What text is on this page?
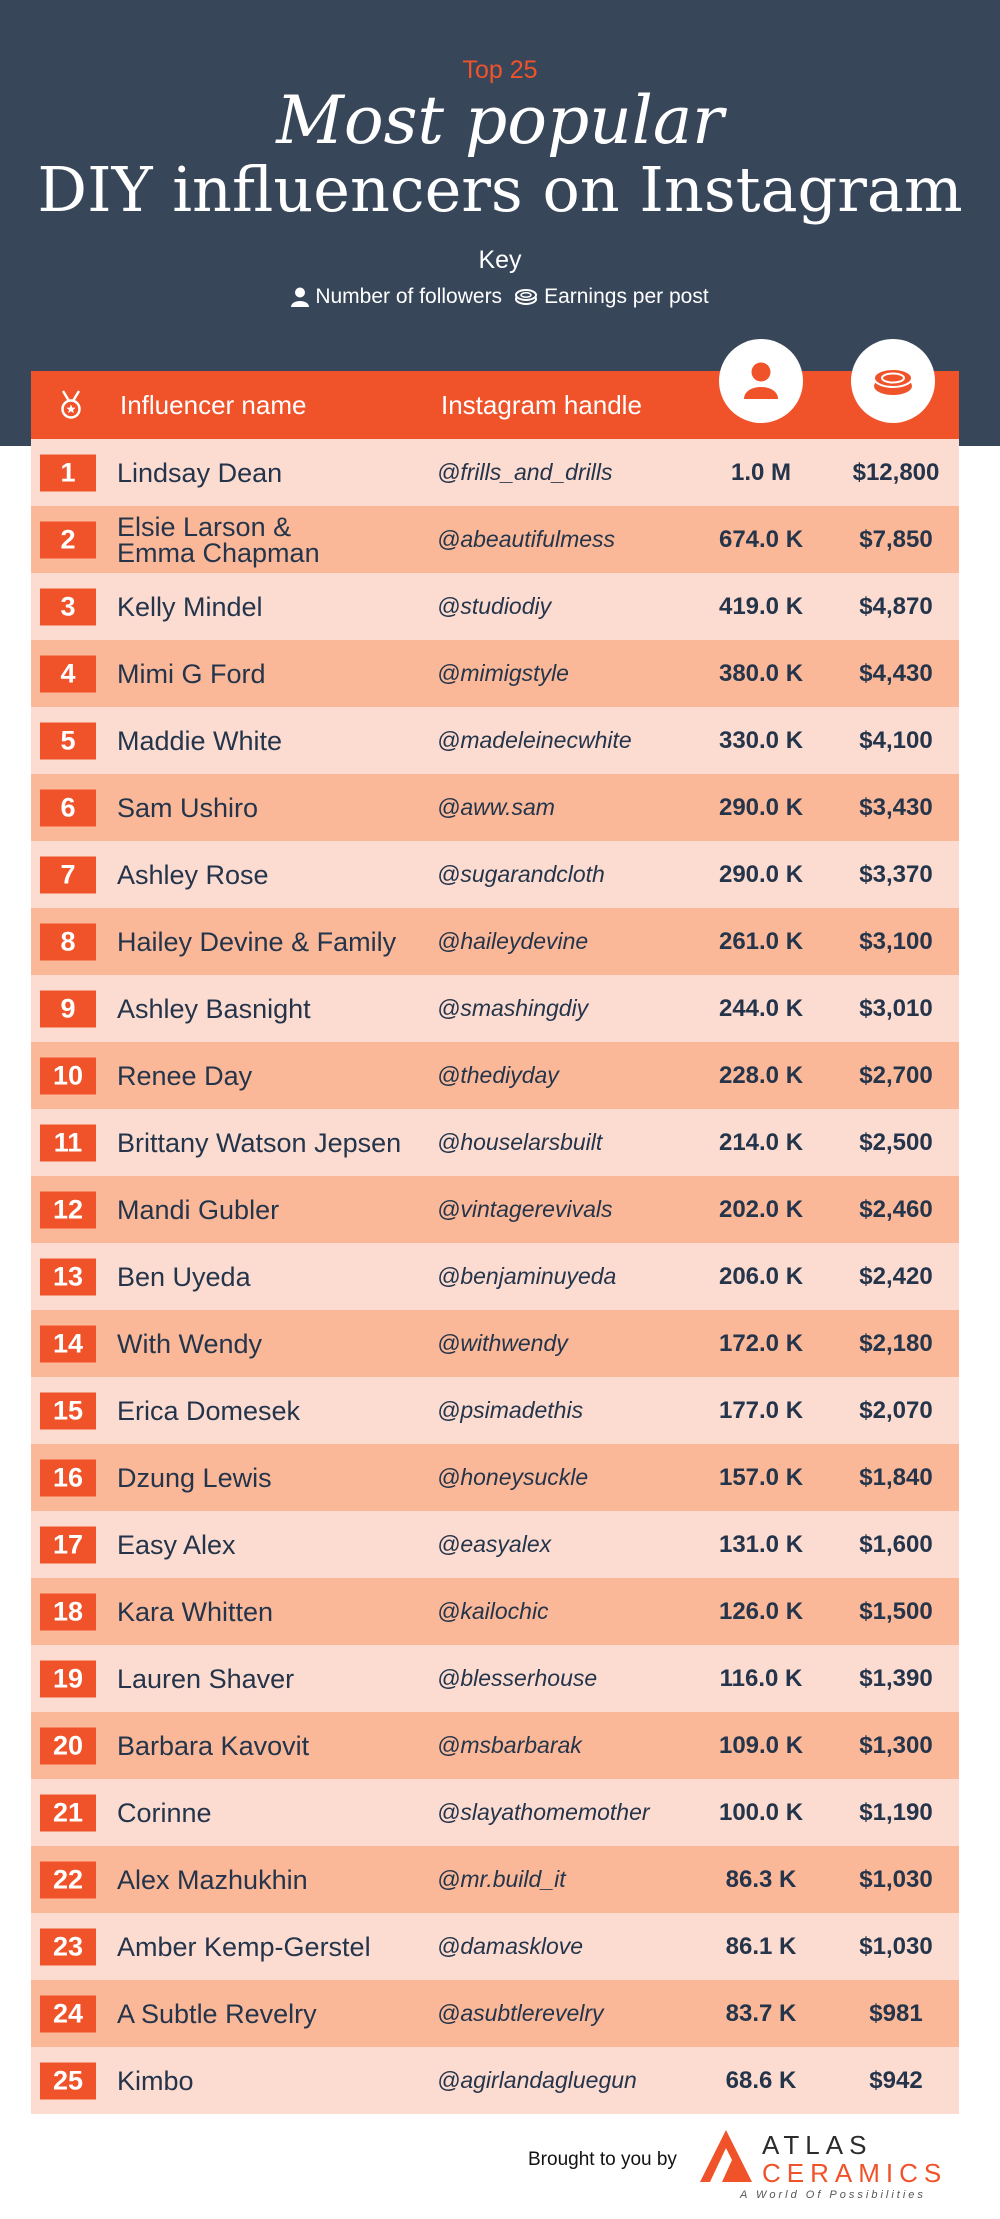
Top 25
Most popular
DIY influencers on Instagram
Key
Number of followers Earnings per post
Influencer name	Instagram handle
1	Lindsay Dean	@frills_and_drills	1.0 M	$12,800
2	Elsie Larson &
Emma Chapman	@abeautifulmess	674.0 K	$7,850
3	Kelly Mindel	@studiodiy	419.0 K	$4,870
4	Mimi G Ford	@mimigstyle	380.0 K	$4,430
5	Maddie White	@madeleinecwhite	330.0 K	$4,100
6	Sam Ushiro	@aww.sam	290.0 K	$3,430
7	Ashley Rose	@sugarandcloth	290.0 K	$3,370
8	Hailey Devine & Family	@haileydevine	261.0 K	$3,100
9	Ashley Basnight	@smashingdiy	244.0 K	$3,010
10	Renee Day	@thediyday	228.0 K	$2,700
11	Brittany Watson Jepsen	@houselarsbuilt	214.0 K	$2,500
12	Mandi Gubler	@vintagerevivals	202.0 K	$2,460
13	Ben Uyeda	@benjaminuyeda	206.0 K	$2,420
14	With Wendy	@withwendy	172.0 K	$2,180
15	Erica Domesek	@psimadethis	177.0 K	$2,070
16	Dzung Lewis	@honeysuckle	157.0 K	$1,840
17	Easy Alex	@easyalex	131.0 K	$1,600
18	Kara Whitten	@kailochic	126.0 K	$1,500
19	Lauren Shaver	@blesserhouse	116.0 K	$1,390
20	Barbara Kavovit	@msbarbarak	109.0 K	$1,300
21	Corinne	@slayathomemother	100.0 K	$1,190
22	Alex Mazhukhin	@mr.build_it	86.3 K	$1,030
23	Amber Kemp-Gerstel	@damasklove	86.1 K	$1,030
24	A Subtle Revelry	@asubtlerevelry	83.7 K	$981
25	Kimbo	@agirlandagluegun	68.6 K	$942
Brought to you by	ATLAS
CERAMICS
A World Of Possibilities
